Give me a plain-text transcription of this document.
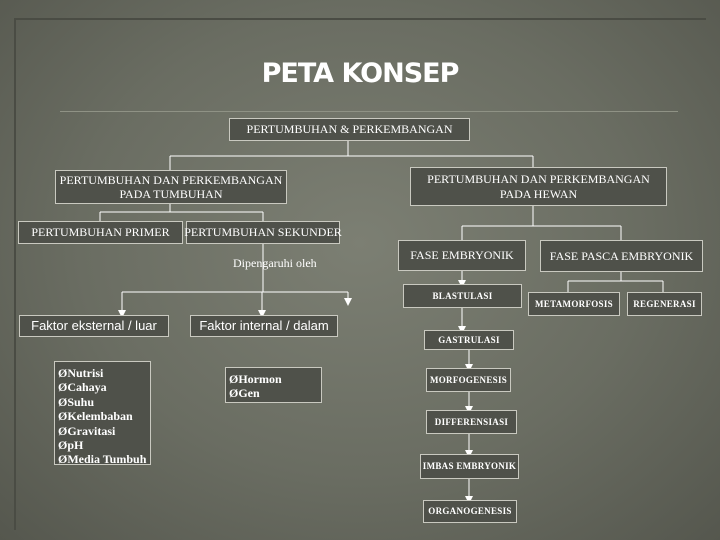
PETA KONSEP
PERTUMBUHAN & PERKEMBANGAN
PERTUMBUHAN DAN PERKEMBANGAN
PADA TUMBUHAN
PERTUMBUHAN PRIMER	PERTUMBUHAN SEKUNDER
Dipengaruhi oleh
Faktor eksternal / luar	Faktor internal / dalam
ØNutrisi
ØCahaya
ØSuhu
ØKelembaban
ØGravitasi
ØpH
ØMedia Tumbuh
ØHormon
ØGen
PERTUMBUHAN DAN PERKEMBANGAN
PADA HEWAN
FASE EMBRYONIK	FASE PASCA EMBRYONIK
BLASTULASI
GASTRULASI
MORFOGENESIS
DIFFERENSIASI
IMBAS EMBRYONIK
ORGANOGENESIS
METAMORFOSIS	REGENERASI
